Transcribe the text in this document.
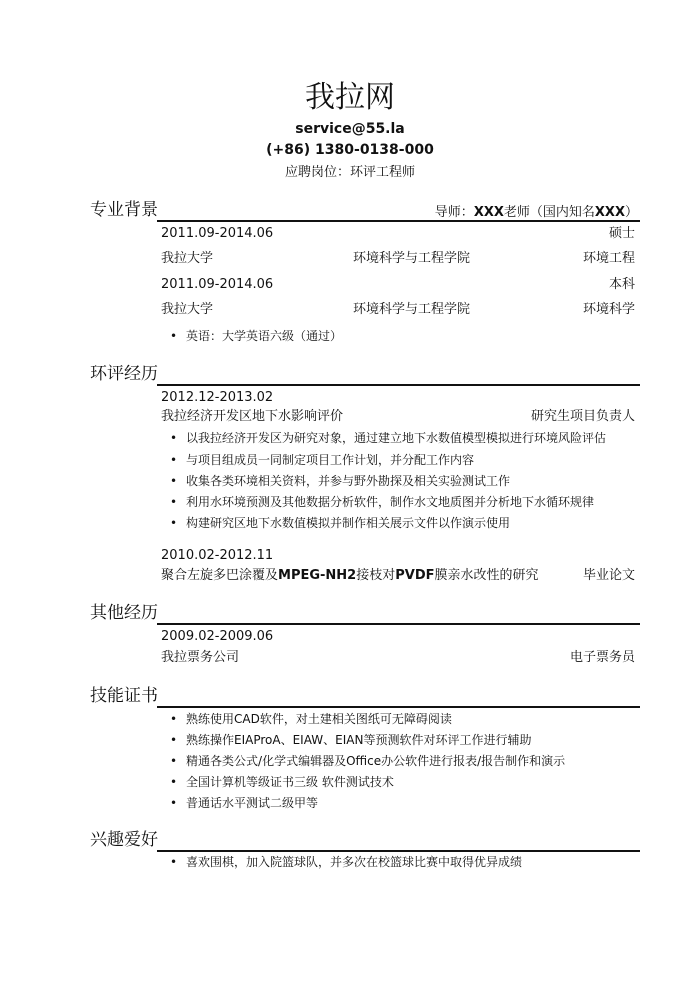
我拉网
service@55.la
(+86) 1380-0138-000
应聘岗位：环评工程师
专业背景	导师：XXX老师（国内知名XXX）
2011.09-2014.06	硕士
我拉大学	环境科学与工程学院	环境工程
2011.09-2014.06	本科
我拉大学	环境科学与工程学院	环境科学
• 英语：大学英语六级（通过）
环评经历
2012.12-2013.02
我拉经济开发区地下水影响评价	研究生项目负责人
• 以我拉经济开发区为研究对象，通过建立地下水数值模型模拟进行环境风险评估
• 与项目组成员一同制定项目工作计划，并分配工作内容
• 收集各类环境相关资料，并参与野外勘探及相关实验测试工作
• 利用水环境预测及其他数据分析软件，制作水文地质图并分析地下水循环规律
• 构建研究区地下水数值模拟并制作相关展示文件以作演示使用
2010.02-2012.11
聚合左旋多巴涂覆及MPEG-NH2接枝对PVDF膜亲水改性的研究	毕业论文
其他经历
2009.02-2009.06
我拉票务公司	电子票务员
技能证书
• 熟练使用CAD软件，对土建相关图纸可无障碍阅读
• 熟练操作EIAProA、EIAW、EIAN等预测软件对环评工作进行辅助
• 精通各类公式/化学式编辑器及Office办公软件进行报表/报告制作和演示
• 全国计算机等级证书三级 软件测试技术
• 普通话水平测试二级甲等
兴趣爱好
• 喜欢围棋，加入院篮球队，并多次在校篮球比赛中取得优异成绩
